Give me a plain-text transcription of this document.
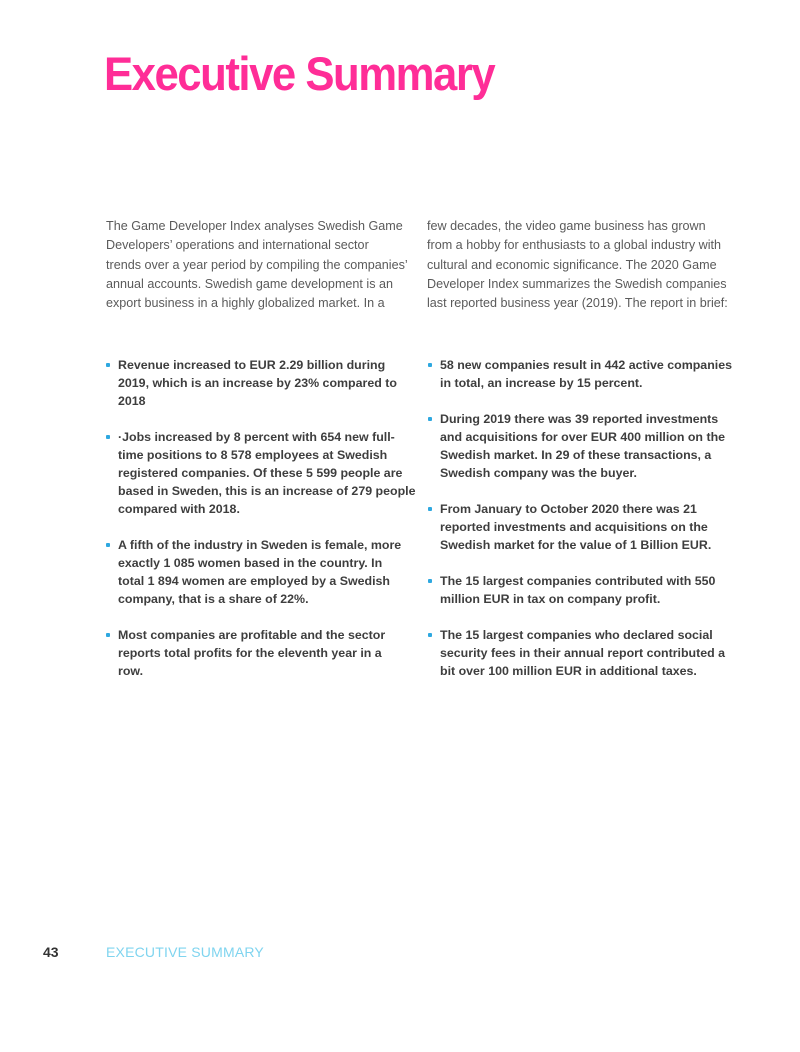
Executive Summary

The Game Developer Index analyses Swedish Game
Developers’ operations and international sector
trends over a year period by compiling the companies’
annual accounts. Swedish game development is an
export business in a highly globalized market. In a

few decades, the video game business has grown
from a hobby for enthusiasts to a global industry with
cultural and economic significance. The 2020 Game
Developer Index summarizes the Swedish companies
last reported business year (2019). The report in brief:

Revenue increased to EUR 2.29 billion during
2019, which is an increase by 23% compared to
2018
·Jobs increased by 8 percent with 654 new full-
time positions to 8 578 employees at Swedish
registered companies. Of these 5 599 people are
based in Sweden, this is an increase of 279 people
compared with 2018.
A fifth of the industry in Sweden is female, more
exactly 1 085 women based in the country. In
total 1 894 women are employed by a Swedish
company, that is a share of 22%.
Most companies are profitable and the sector
reports total profits for the eleventh year in a
row.
58 new companies result in 442 active companies
in total, an increase by 15 percent.
During 2019 there was 39 reported investments
and acquisitions for over EUR 400 million on the
Swedish market. In 29 of these transactions, a
Swedish company was the buyer.
From January to October 2020 there was 21
reported investments and acquisitions on the
Swedish market for the value of 1 Billion EUR.
The 15 largest companies contributed with 550
million EUR in tax on company profit.
The 15 largest companies who declared social
security fees in their annual report contributed a
bit over 100 million EUR in additional taxes.
43	EXECUTIVE SUMMARY
